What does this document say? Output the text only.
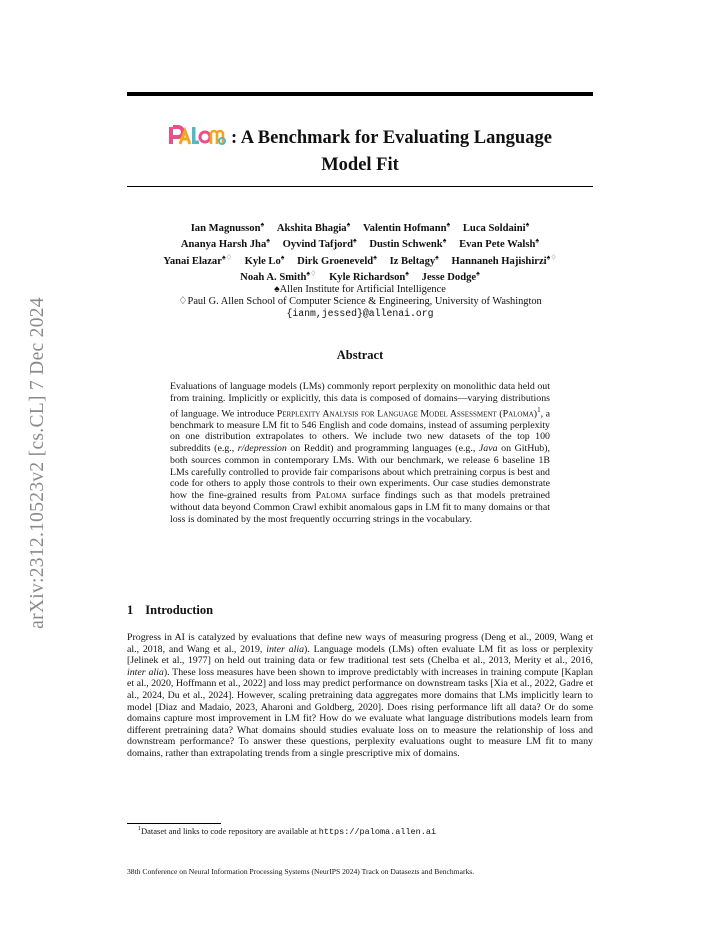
arXiv:2312.10523v2 [cs.CL] 7 Dec 2024
: A Benchmark for Evaluating Language
Model Fit
Ian Magnusson♠ Akshita Bhagia♠ Valentin Hofmann♠ Luca Soldaini♠
Ananya Harsh Jha♠ Oyvind Tafjord♠ Dustin Schwenk♠ Evan Pete Walsh♠
Yanai Elazar♠♢ Kyle Lo♠ Dirk Groeneveld♠ Iz Beltagy♠ Hannaneh Hajishirzi♠♢
Noah A. Smith♠♢ Kyle Richardson♠ Jesse Dodge♠
♠Allen Institute for Artificial Intelligence
♢Paul G. Allen School of Computer Science & Engineering, University of Washington
{ianm,jessed}@allenai.org
Abstract
Evaluations of language models (LMs) commonly report perplexity on monolithic data held out from training. Implicitly or explicitly, this data is composed of domains—varying distributions of language. We introduce Perplexity Analysis for Language Model Assessment (Paloma)$^1$, a benchmark to measure LM fit to 546 English and code domains, instead of assuming perplexity on one distribution extrapolates to others. We include two new datasets of the top 100 subreddits (e.g., r/depression on Reddit) and programming languages (e.g., Java on GitHub), both sources common in contemporary LMs. With our benchmark, we release 6 baseline 1B LMs carefully controlled to provide fair comparisons about which pretraining corpus is best and code for others to apply those controls to their own experiments. Our case studies demonstrate how the fine-grained results from Paloma surface findings such as that models pretrained without data beyond Common Crawl exhibit anomalous gaps in LM fit to many domains or that loss is dominated by the most frequently occurring strings in the vocabulary.
1 Introduction
Progress in AI is catalyzed by evaluations that define new ways of measuring progress (Deng et al., 2009, Wang et al., 2018, and Wang et al., 2019, inter alia). Language models (LMs) often evaluate LM fit as loss or perplexity [Jelinek et al., 1977] on held out training data or few traditional test sets (Chelba et al., 2013, Merity et al., 2016, inter alia). These loss measures have been shown to improve predictably with increases in training compute [Kaplan et al., 2020, Hoffmann et al., 2022] and loss may predict performance on downstream tasks [Xia et al., 2022, Gadre et al., 2024, Du et al., 2024]. However, scaling pretraining data aggregates more domains that LMs implicitly learn to model [Diaz and Madaio, 2023, Aharoni and Goldberg, 2020]. Does rising performance lift all data? Or do some domains capture most improvement in LM fit? How do we evaluate what language distributions models learn from different pretraining data? What domains should studies evaluate loss on to measure the relationship of loss and downstream performance? To answer these questions, perplexity evaluations ought to measure LM fit to many domains, rather than extrapolating trends from a single prescriptive mix of domains.
$^1$Dataset and links to code repository are available at https://paloma.allen.ai
38th Conference on Neural Information Processing Systems (NeurIPS 2024) Track on Datasezts and Benchmarks.
